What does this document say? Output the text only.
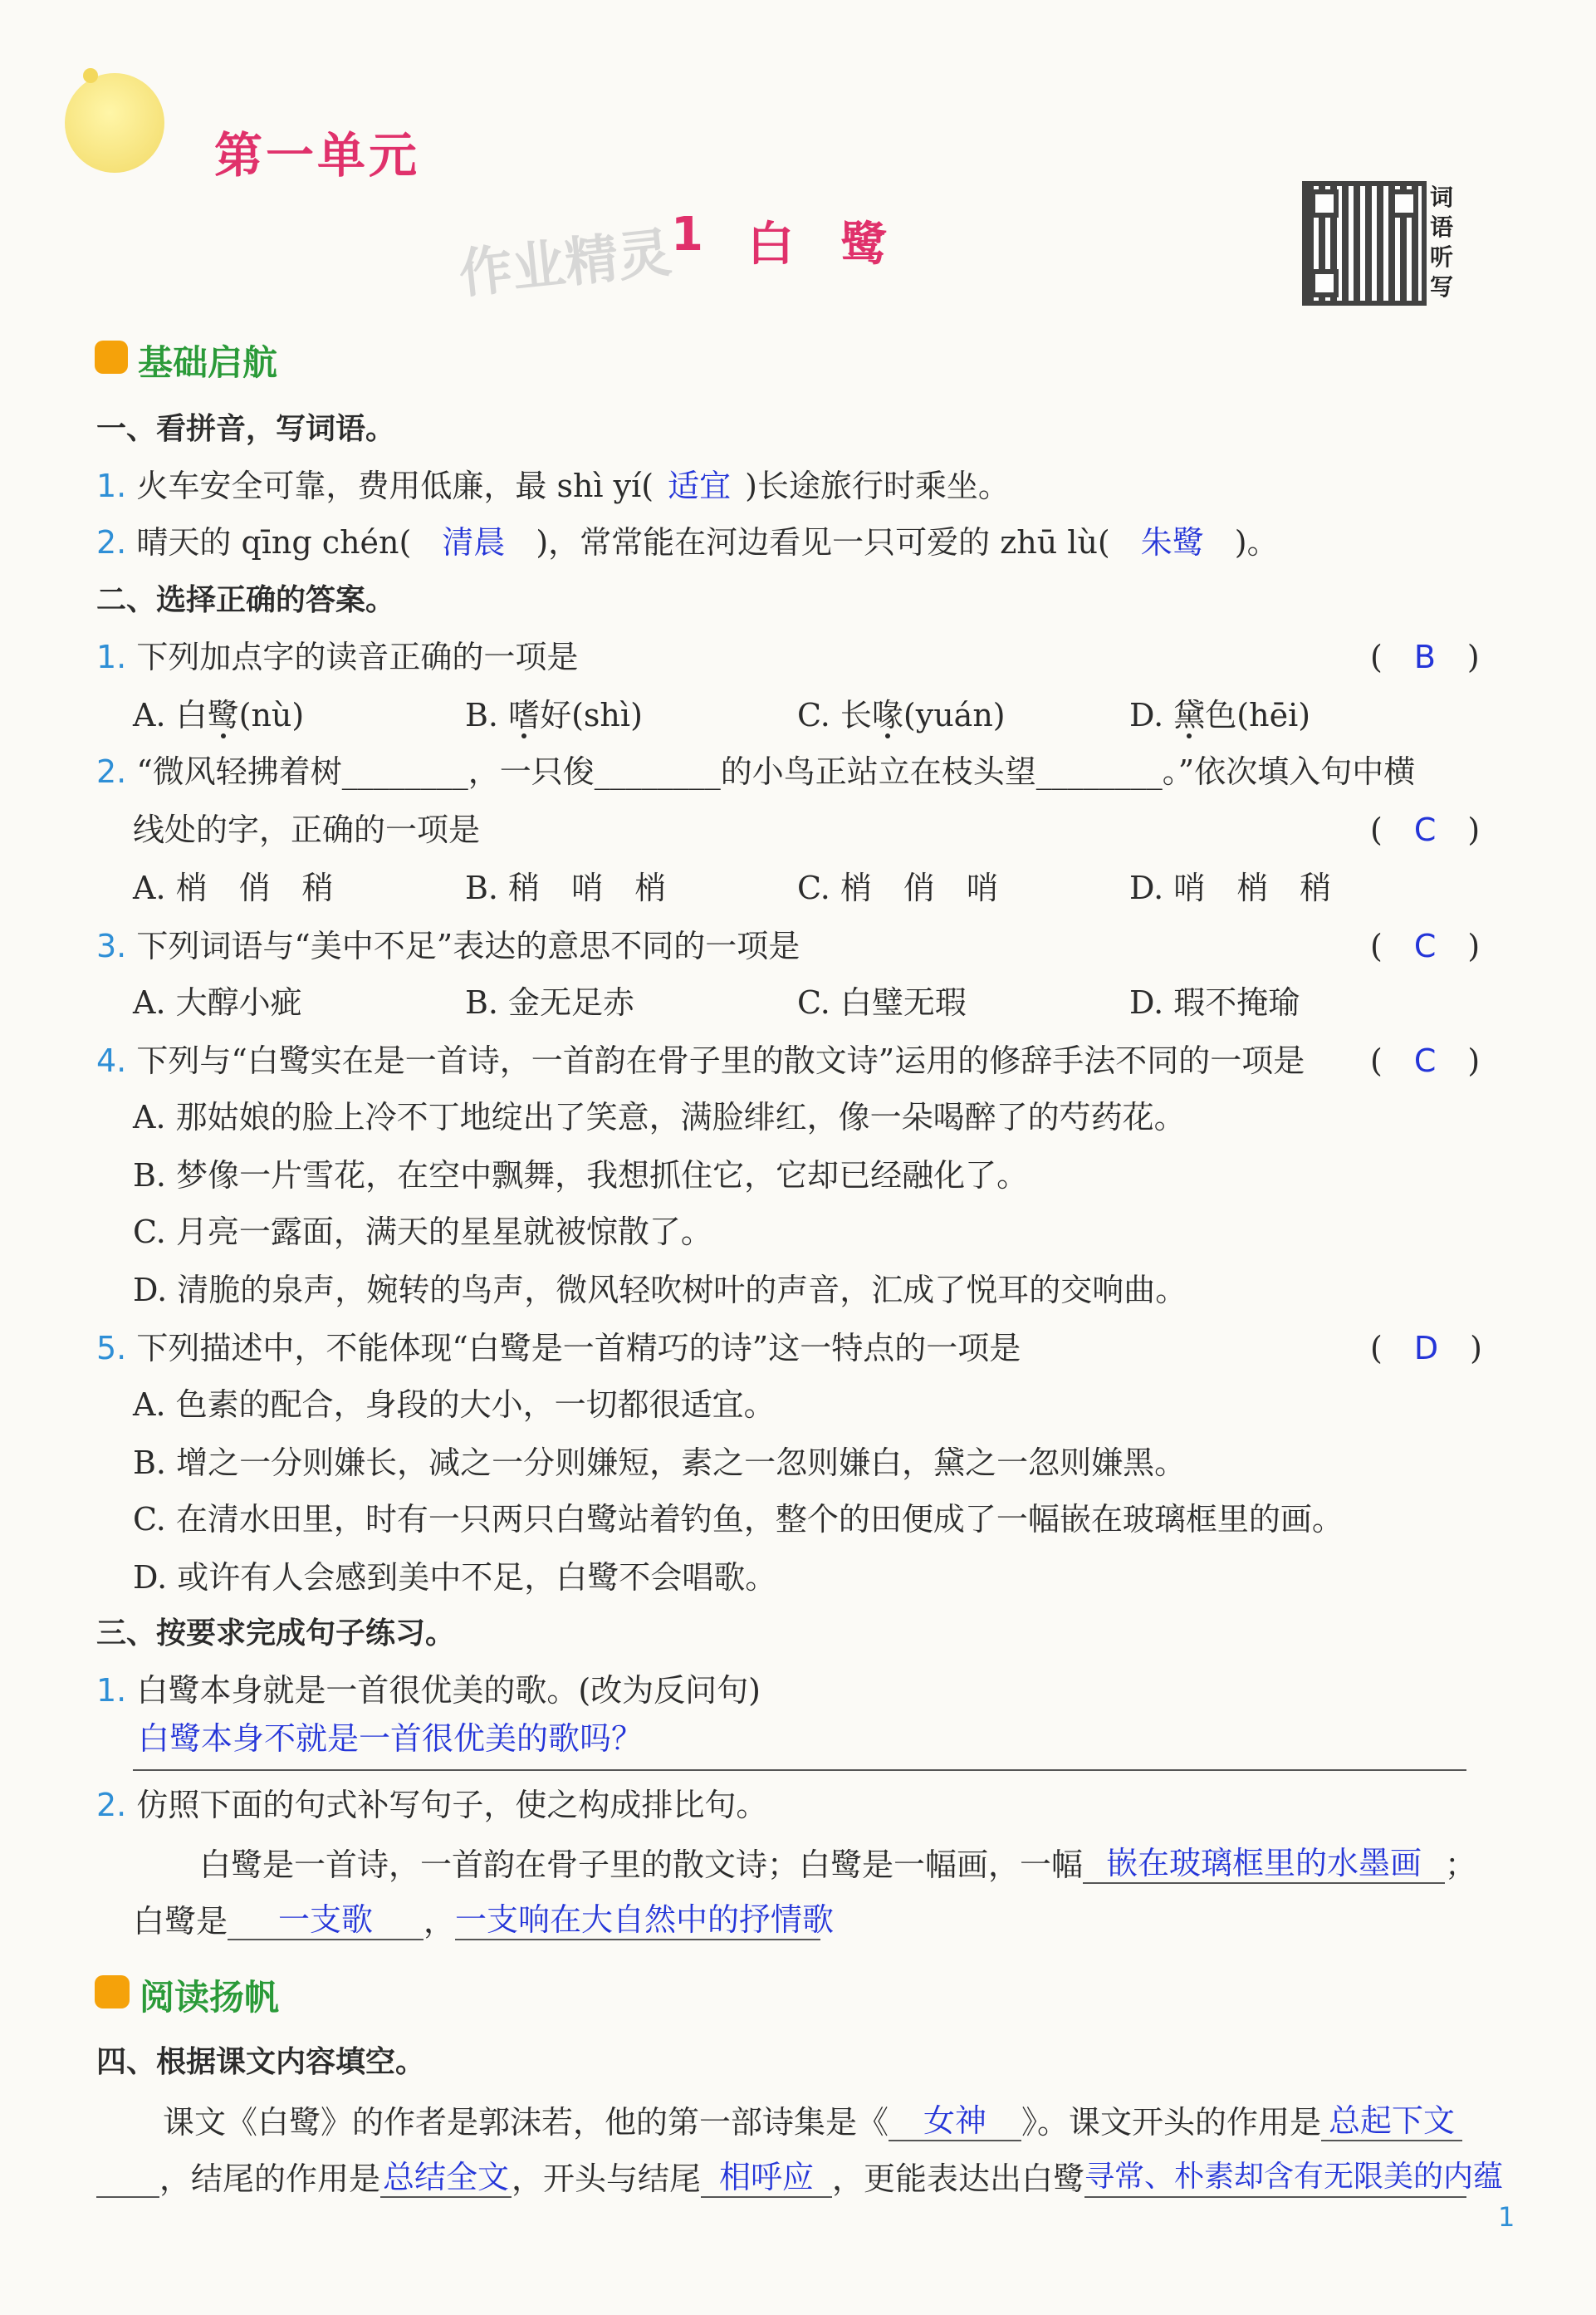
第一单元
作业精灵
1 白　鹭
词
语
听
写
基础启航
一、看拼音，写词语。
1. 火车安全可靠，费用低廉，最 shì yí( 适宜 )长途旅行时乘坐。
2. 晴天的 qīng chén( 清晨 )，常常能在河边看见一只可爱的 zhū lù( 朱鹭 )。
二、选择正确的答案。
1. 下列加点字的读音正确的一项是	(　B　)
A. 白鹭(nù)	B. 嗜好(shì)	C. 长喙(yuán)	D. 黛色(hēi)
2. “微风轻拂着树________，一只俊________的小鸟正站立在枝头望________。”依次填入句中横
线处的字，正确的一项是	(　C　)
A. 梢　俏　稍	B. 稍　哨　梢	C. 梢　俏　哨	D. 哨　梢　稍
3. 下列词语与“美中不足”表达的意思不同的一项是	(　C　)
A. 大醇小疵	B. 金无足赤	C. 白璧无瑕	D. 瑕不掩瑜
4. 下列与“白鹭实在是一首诗，一首韵在骨子里的散文诗”运用的修辞手法不同的一项是 (　C　)
A. 那姑娘的脸上冷不丁地绽出了笑意，满脸绯红，像一朵喝醉了的芍药花。
B. 梦像一片雪花，在空中飘舞，我想抓住它，它却已经融化了。
C. 月亮一露面，满天的星星就被惊散了。
D. 清脆的泉声，婉转的鸟声，微风轻吹树叶的声音，汇成了悦耳的交响曲。
5. 下列描述中，不能体现“白鹭是一首精巧的诗”这一特点的一项是	(　D　)
A. 色素的配合，身段的大小，一切都很适宜。
B. 增之一分则嫌长，减之一分则嫌短，素之一忽则嫌白，黛之一忽则嫌黑。
C. 在清水田里，时有一只两只白鹭站着钓鱼，整个的田便成了一幅嵌在玻璃框里的画。
D. 或许有人会感到美中不足，白鹭不会唱歌。
三、按要求完成句子练习。
1. 白鹭本身就是一首很优美的歌。(改为反问句)
白鹭本身不就是一首很优美的歌吗？
2. 仿照下面的句式补写句子，使之构成排比句。
白鹭是一首诗，一首韵在骨子里的散文诗；白鹭是一幅画，一幅 嵌在玻璃框里的水墨画 ；
白鹭是 一支歌 ，一支响在大自然中的抒情歌
阅读扬帆
四、根据课文内容填空。
课文《白鹭》的作者是郭沫若，他的第一部诗集是《 女神 》。课文开头的作用是 总起下文
，结尾的作用是总结全文，开头与结尾 相呼应 ，更能表达出白鹭寻常、朴素却含有无限美的内蕴
1
